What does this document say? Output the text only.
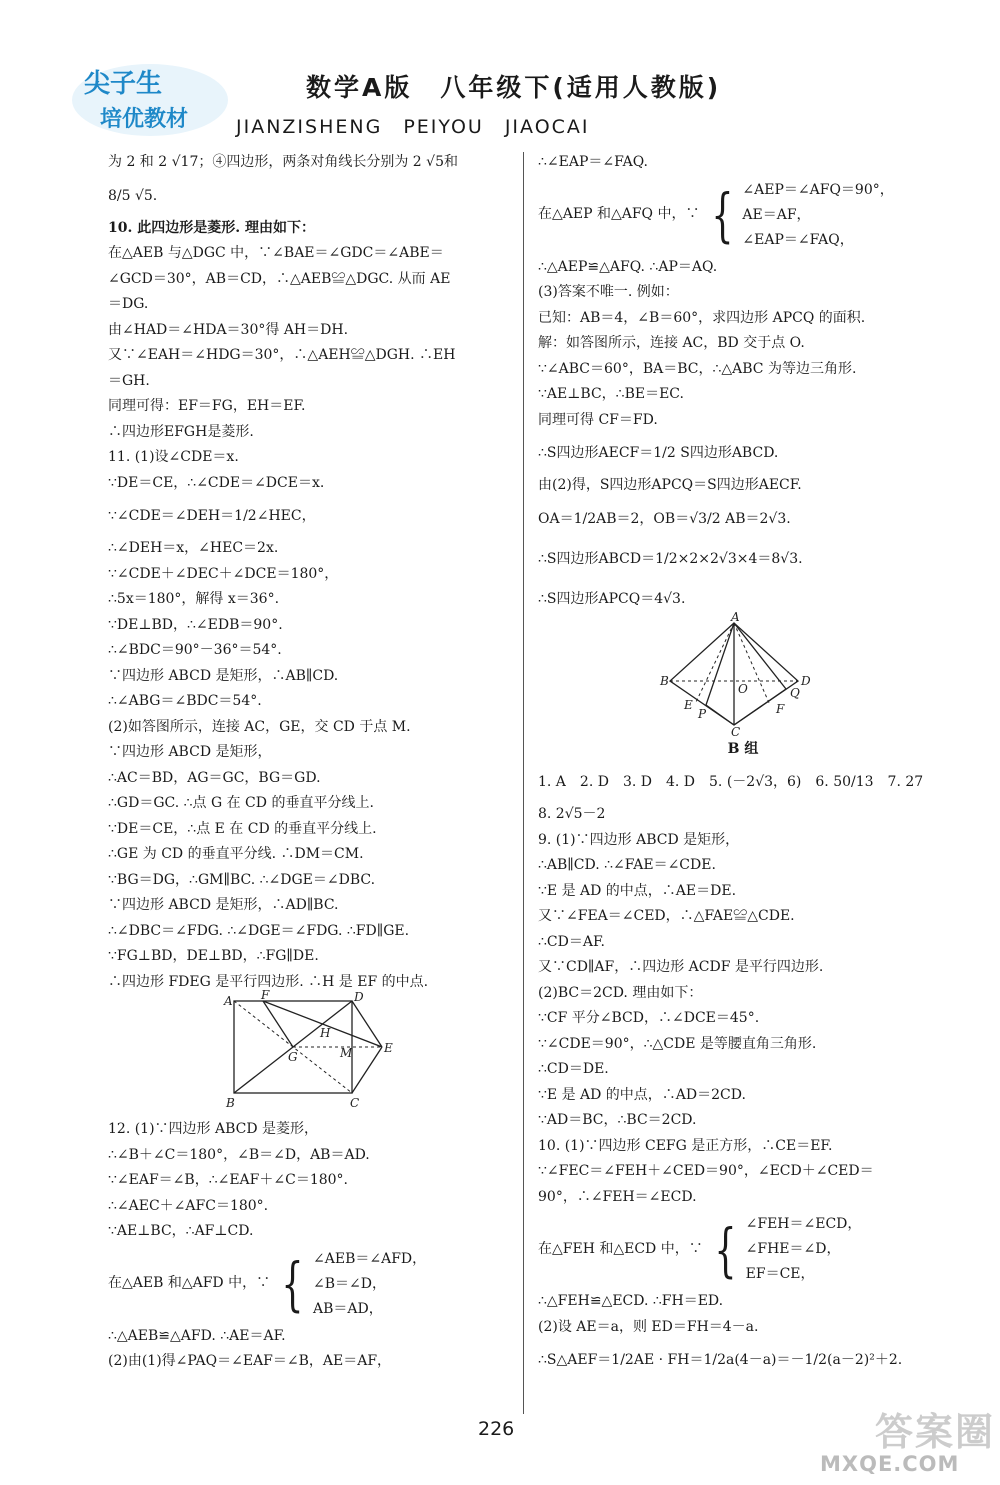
尖子生
培优教材
数学A版　八年级下(适用人教版)
JIANZISHENG　PEIYOU　JIAOCAI
为 2 和 2 √17；④四边形，两条对角线长分别为 2 √5和
8/5 √5.
10. 此四边形是菱形. 理由如下：
在△AEB 与△DGC 中，∵∠BAE＝∠GDC＝∠ABE＝
∠GCD＝30°，AB＝CD，∴△AEB≌△DGC. 从而 AE
＝DG.
由∠HAD＝∠HDA＝30°得 AH＝DH.
又∵∠EAH＝∠HDG＝30°，∴△AEH≌△DGH. ∴EH
＝GH.
同理可得：EF＝FG，EH＝EF.
∴四边形EFGH是菱形.
11. (1)设∠CDE＝x.
∵DE＝CE，∴∠CDE＝∠DCE＝x.
∵∠CDE＝∠DEH＝1/2∠HEC，
∴∠DEH＝x，∠HEC＝2x.
∵∠CDE＋∠DEC＋∠DCE＝180°，
∴5x＝180°，解得 x＝36°.
∵DE⊥BD，∴∠EDB＝90°.
∴∠BDC＝90°－36°＝54°.
∵四边形 ABCD 是矩形，∴AB∥CD.
∴∠ABG＝∠BDC＝54°.
(2)如答图所示，连接 AC，GE，交 CD 于点 M.
∵四边形 ABCD 是矩形，
∴AC＝BD，AG＝GC，BG＝GD.
∴GD＝GC. ∴点 G 在 CD 的垂直平分线上.
∵DE＝CE，∴点 E 在 CD 的垂直平分线上.
∴GE 为 CD 的垂直平分线. ∴DM＝CM.
∵BG＝DG，∴GM∥BC. ∴∠DGE＝∠DBC.
∵四边形 ABCD 是矩形，∴AD∥BC.
∴∠DBC＝∠FDG. ∴∠DGE＝∠FDG. ∴FD∥GE.
∵FG⊥BD，DE⊥BD，∴FG∥DE.
∴四边形 FDEG 是平行四边形. ∴H 是 EF 的中点.
A F	D
H
E
G	M
B	C
12. (1)∵四边形 ABCD 是菱形，
∴∠B＋∠C＝180°，∠B＝∠D，AB＝AD.
∵∠EAF＝∠B，∴∠EAF＋∠C＝180°.
∴∠AEC＋∠AFC＝180°.
∵AE⊥BC，∴AF⊥CD.
在△AEB 和△AFD 中，∵ { ∠AEB＝∠AFD，
∠B＝∠D，
AB＝AD，
∴△AEB≌△AFD. ∴AE＝AF.
(2)由(1)得∠PAQ＝∠EAF＝∠B，AE＝AF，
∴∠EAP＝∠FAQ.
在△AEP 和△AFQ 中，∵ { ∠AEP＝∠AFQ＝90°，
AE＝AF，
∠EAP＝∠FAQ，
∴△AEP≌△AFQ. ∴AP＝AQ.
(3)答案不唯一. 例如：
已知：AB＝4，∠B＝60°，求四边形 APCQ 的面积.
解：如答图所示，连接 AC，BD 交于点 O.
∵∠ABC＝60°，BA＝BC，∴△ABC 为等边三角形.
∵AE⊥BC，∴BE＝EC.
同理可得 CF＝FD.
∴S四边形AECF＝1/2 S四边形ABCD.
由(2)得，S四边形APCQ＝S四边形AECF.
OA＝1/2AB＝2，OB＝√3/2 AB＝2√3.
∴S四边形ABCD＝1/2×2×2√3×4＝8√3.
∴S四边形APCQ＝4√3.
A
B
O
D
E
P
Q
F
C
B 组
1. A　2. D　3. D　4. D　5. (－2√3，6)　6. 50/13　7. 27
8. 2√5－2
9. (1)∵四边形 ABCD 是矩形，
∴AB∥CD. ∴∠FAE＝∠CDE.
∵E 是 AD 的中点，∴AE＝DE.
又∵∠FEA＝∠CED，∴△FAE≌△CDE.
∴CD＝AF.
又∵CD∥AF，∴四边形 ACDF 是平行四边形.
(2)BC＝2CD. 理由如下：
∵CF 平分∠BCD，∴∠DCE＝45°.
∵∠CDE＝90°，∴△CDE 是等腰直角三角形.
∴CD＝DE.
∵E 是 AD 的中点，∴AD＝2CD.
∵AD＝BC，∴BC＝2CD.
10. (1)∵四边形 CEFG 是正方形，∴CE＝EF.
∵∠FEC＝∠FEH＋∠CED＝90°，∠ECD＋∠CED＝
90°，∴∠FEH＝∠ECD.
在△FEH 和△ECD 中，∵ { ∠FEH＝∠ECD，
∠FHE＝∠D，
EF＝CE，
∴△FEH≌△ECD. ∴FH＝ED.
(2)设 AE＝a，则 ED＝FH＝4－a.
∴S△AEF＝1/2AE · FH＝1/2a(4－a)＝－1/2(a－2)²＋2.
226	答案圈
MXQE.COM
